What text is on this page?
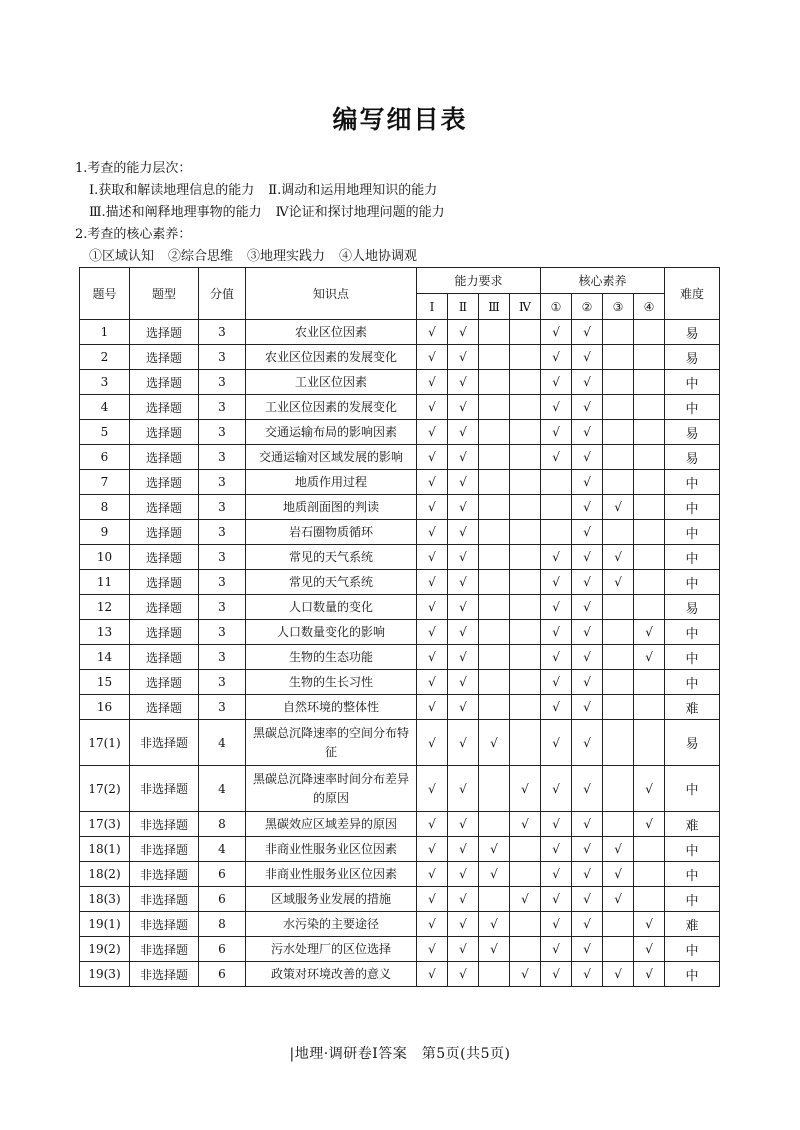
编写细目表
1.考查的能力层次：
Ⅰ.获取和解读地理信息的能力 Ⅱ.调动和运用地理知识的能力
Ⅲ.描述和阐释地理事物的能力 Ⅳ论证和探讨地理问题的能力
2.考查的核心素养：
①区域认知 ②综合思维 ③地理实践力 ④人地协调观
题号	题型	分值	知识点	能力要求				核心素养				难度
				Ⅰ	Ⅱ	Ⅲ	Ⅳ	①	②	③	④	
1	选择题	3	农业区位因素	√	√			√	√			易
2	选择题	3	农业区位因素的发展变化	√	√			√	√			易
3	选择题	3	工业区位因素	√	√			√	√			中
4	选择题	3	工业区位因素的发展变化	√	√			√	√			中
5	选择题	3	交通运输布局的影响因素	√	√			√	√			易
6	选择题	3	交通运输对区域发展的影响	√	√			√	√			易
7	选择题	3	地质作用过程	√	√				√			中
8	选择题	3	地质剖面图的判读	√	√				√	√		中
9	选择题	3	岩石圈物质循环	√	√				√			中
10	选择题	3	常见的天气系统	√	√			√	√	√		中
11	选择题	3	常见的天气系统	√	√			√	√	√		中
12	选择题	3	人口数量的变化	√	√			√	√			易
13	选择题	3	人口数量变化的影响	√	√			√	√		√	中
14	选择题	3	生物的生态功能	√	√			√	√		√	中
15	选择题	3	生物的生长习性	√	√			√	√			中
16	选择题	3	自然环境的整体性	√	√			√	√			难
17(1)	非选择题	4	黑碳总沉降速率的空间分布特征	√	√	√		√	√			易
17(2)	非选择题	4	黑碳总沉降速率时间分布差异的原因	√	√		√	√	√		√	中
17(3)	非选择题	8	黑碳效应区域差异的原因	√	√		√	√	√		√	难
18(1)	非选择题	4	非商业性服务业区位因素	√	√	√		√	√	√		中
18(2)	非选择题	6	非商业性服务业区位因素	√	√	√		√	√	√		中
18(3)	非选择题	6	区域服务业发展的措施	√	√		√	√	√	√		中
19(1)	非选择题	8	水污染的主要途径	√	√	√		√	√		√	难
19(2)	非选择题	6	污水处理厂的区位选择	√	√	√		√	√		√	中
19(3)	非选择题	6	政策对环境改善的意义	√	√		√	√	√	√	√	中
|地理·调研卷Ⅰ答案　第5页(共5页)
